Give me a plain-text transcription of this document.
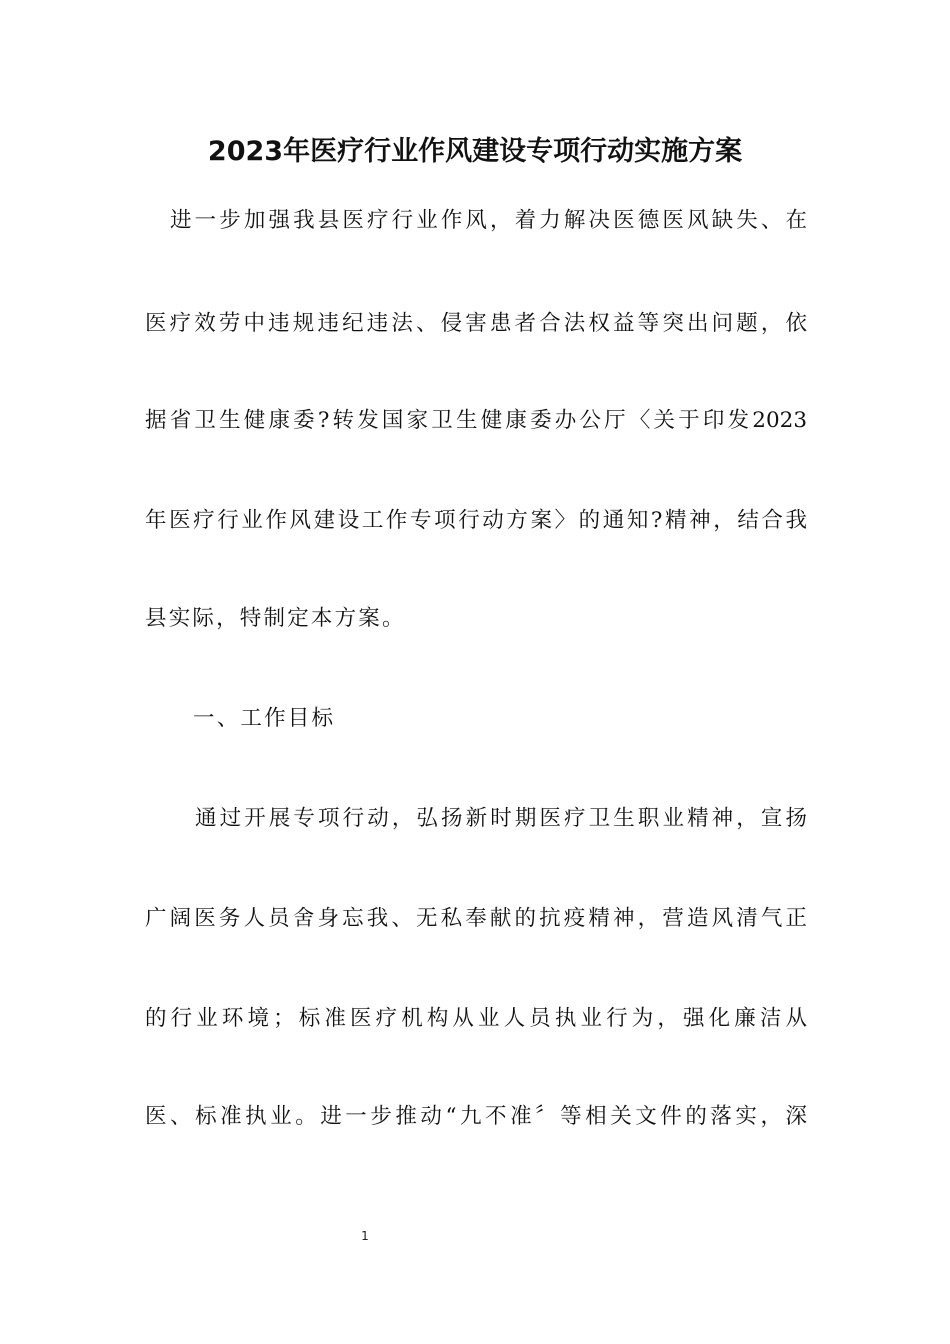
2023年医疗行业作风建设专项行动实施方案
进一步加强我县医疗行业作风，着力解决医德医风缺失、在
医疗效劳中违规违纪违法、侵害患者合法权益等突出问题，依
据省卫生健康委?转发国家卫生健康委办公厅〈关于印发2023
年医疗行业作风建设工作专项行动方案〉的通知?精神，结合我
县实际，特制定本方案。
一、工作目标
通过开展专项行动，弘扬新时期医疗卫生职业精神，宣扬
广阔医务人员舍身忘我、无私奉献的抗疫精神，营造风清气正
的行业环境；标准医疗机构从业人员执业行为，强化廉洁从
医、标准执业。进一步推动“九不准〞等相关文件的落实，深
1
